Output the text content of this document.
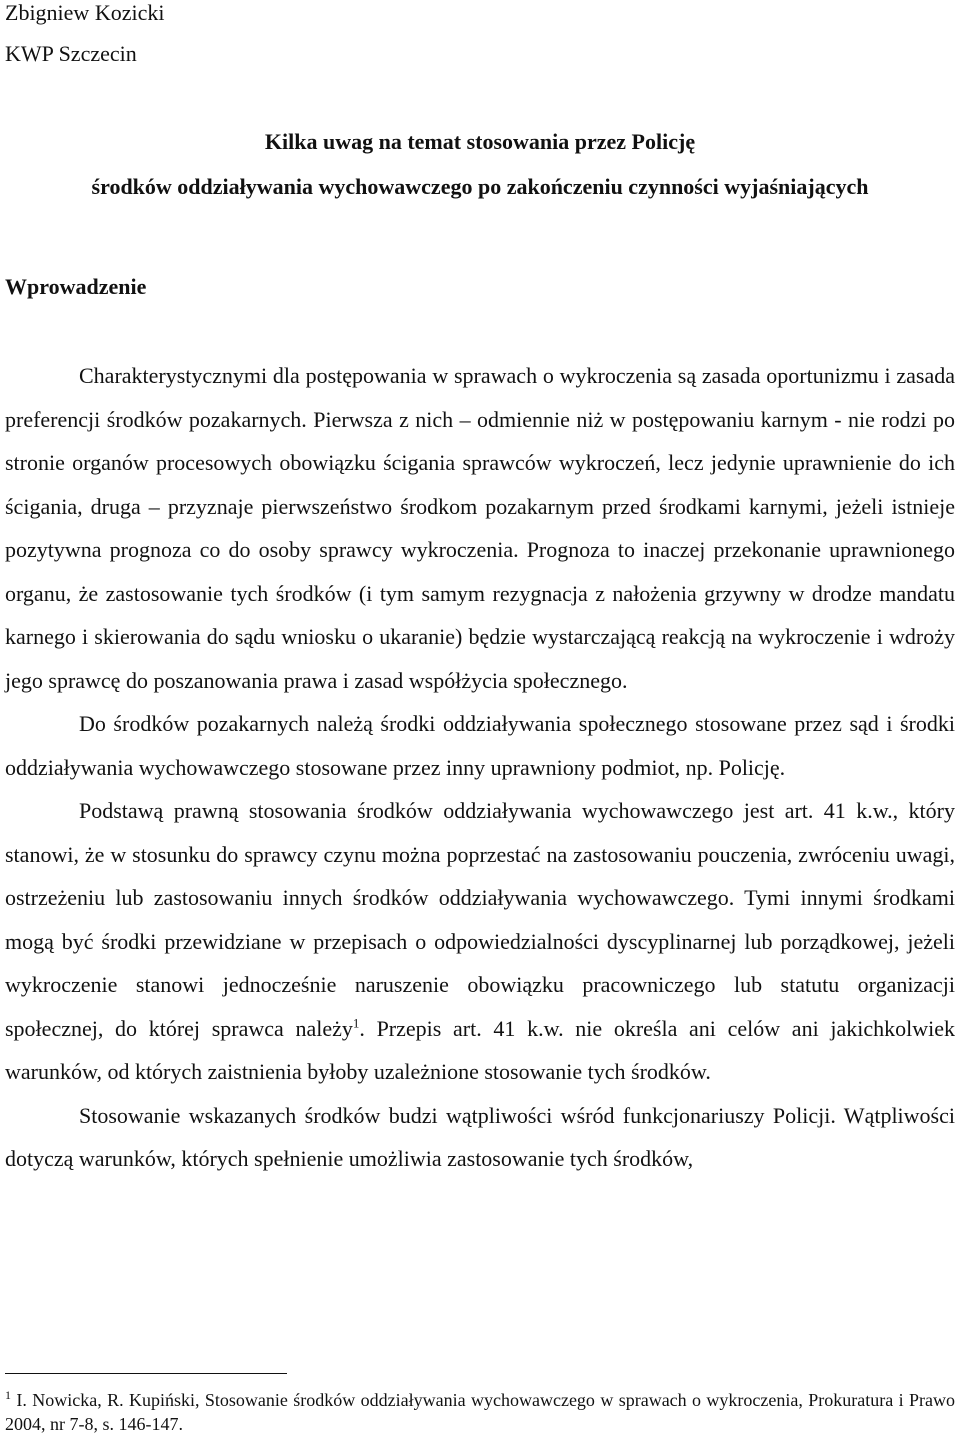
Zbigniew Kozicki
KWP Szczecin
Kilka uwag na temat stosowania przez Policję
środków oddziaływania wychowawczego po zakończeniu czynności wyjaśniających
Wprowadzenie

Charakterystycznymi dla postępowania w sprawach o wykroczenia są zasada oportunizmu i zasada preferencji środków pozakarnych. Pierwsza z nich – odmiennie niż w postępowaniu karnym - nie rodzi po stronie organów procesowych obowiązku ścigania sprawców wykroczeń, lecz jedynie uprawnienie do ich ścigania, druga – przyznaje pierwszeństwo środkom pozakarnym przed środkami karnymi, jeżeli istnieje pozytywna prognoza co do osoby sprawcy wykroczenia. Prognoza to inaczej przekonanie uprawnionego organu, że zastosowanie tych środków (i tym samym rezygnacja z nałożenia grzywny w drodze mandatu karnego i skierowania do sądu wniosku o ukaranie) będzie wystarczającą reakcją na wykroczenie i wdroży jego sprawcę do poszanowania prawa i zasad współżycia społecznego.

Do środków pozakarnych należą środki oddziaływania społecznego stosowane przez sąd i środki oddziaływania wychowawczego stosowane przez inny uprawniony podmiot, np. Policję.

Podstawą prawną stosowania środków oddziaływania wychowawczego jest art. 41 k.w., który stanowi, że w stosunku do sprawcy czynu można poprzestać na zastosowaniu pouczenia, zwróceniu uwagi, ostrzeżeniu lub zastosowaniu innych środków oddziaływania wychowawczego. Tymi innymi środkami mogą być środki przewidziane w przepisach o odpowiedzialności dyscyplinarnej lub porządkowej, jeżeli wykroczenie stanowi jednocześnie naruszenie obowiązku pracowniczego lub statutu organizacji społecznej, do której sprawca należy$^1$. Przepis art. 41 k.w. nie określa ani celów ani jakichkolwiek warunków, od których zaistnienia byłoby uzależnione stosowanie tych środków.

Stosowanie wskazanych środków budzi wątpliwości wśród funkcjonariuszy Policji. Wątpliwości dotyczą warunków, których spełnienie umożliwia zastosowanie tych środków,

$^1$ I. Nowicka, R. Kupiński, Stosowanie środków oddziaływania wychowawczego w sprawach o wykroczenia, Prokuratura i Prawo 2004, nr 7-8, s. 146-147.
